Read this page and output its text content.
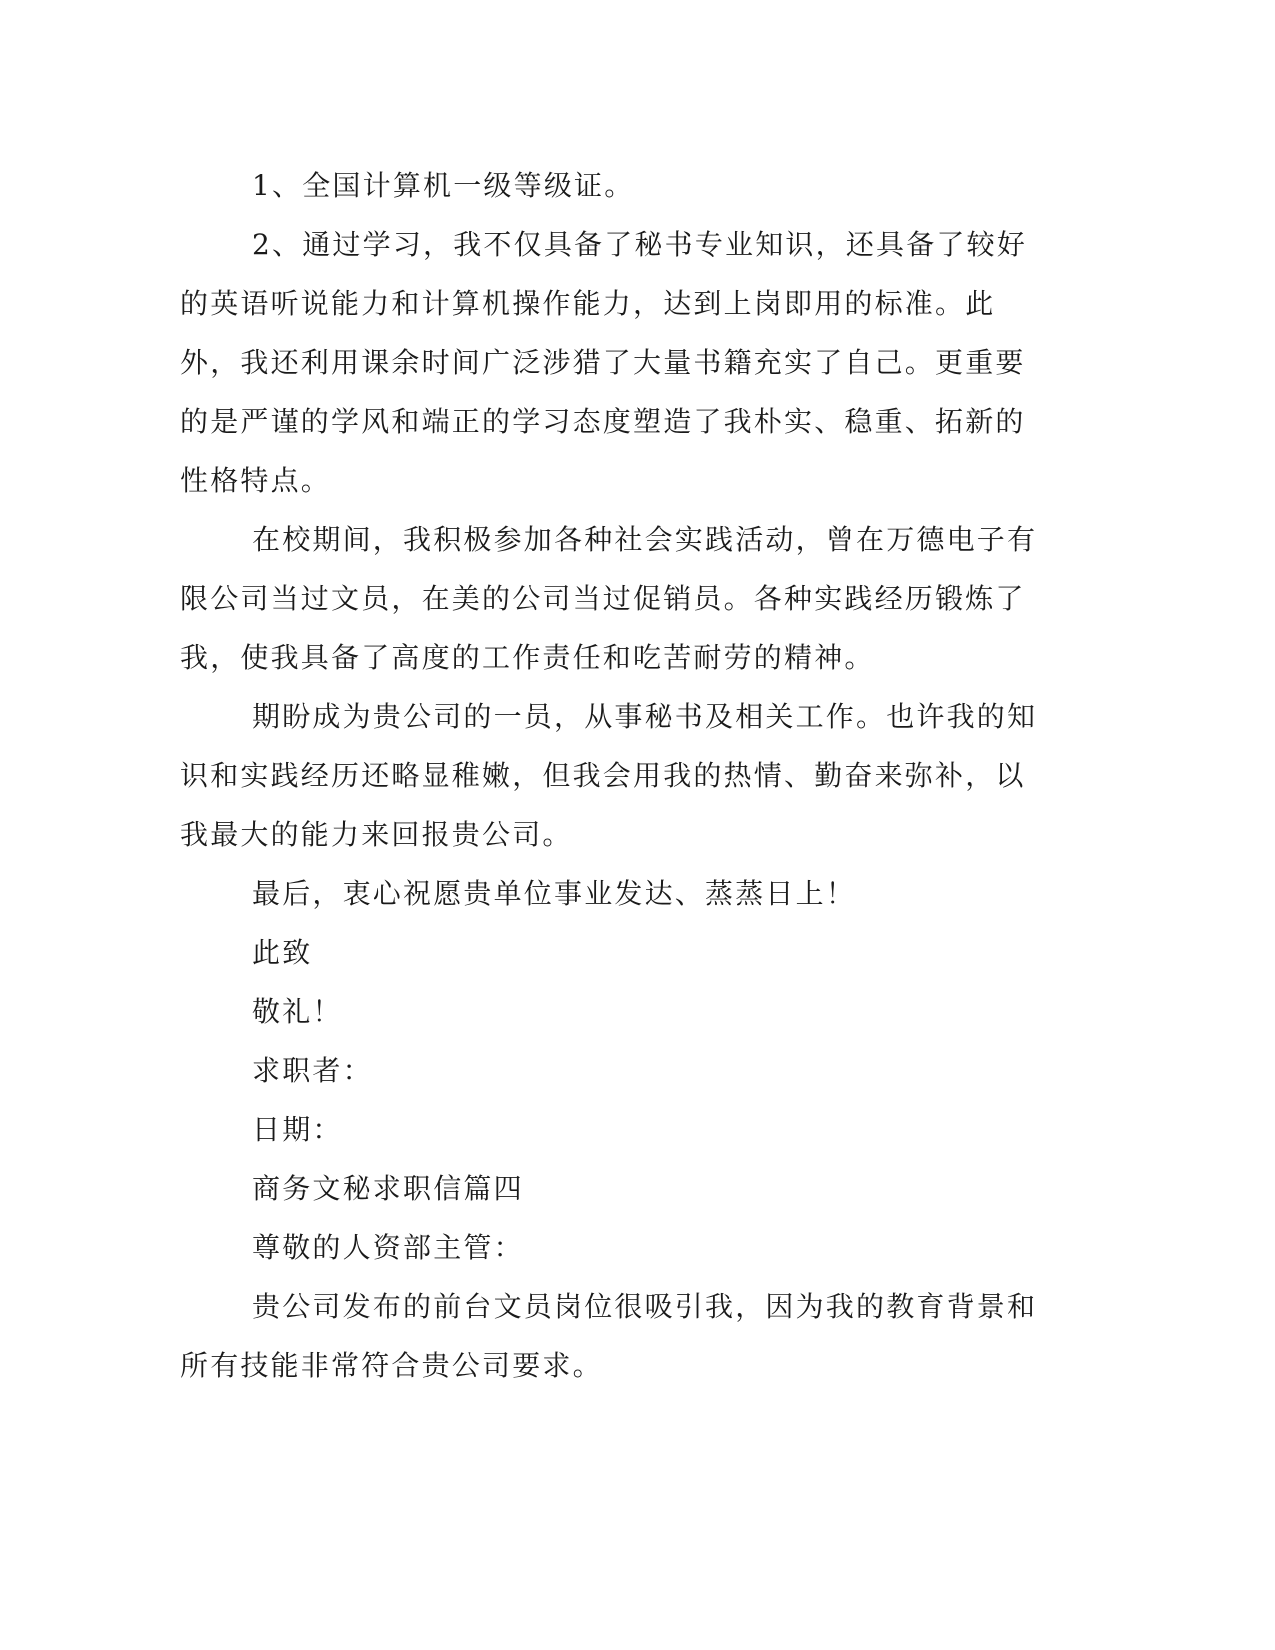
1、全国计算机一级等级证。

2、通过学习，我不仅具备了秘书专业知识，还具备了较好的英语听说能力和计算机操作能力，达到上岗即用的标准。此外，我还利用课余时间广泛涉猎了大量书籍充实了自己。更重要的是严谨的学风和端正的学习态度塑造了我朴实、稳重、拓新的性格特点。

在校期间，我积极参加各种社会实践活动，曾在万德电子有限公司当过文员，在美的公司当过促销员。各种实践经历锻炼了我，使我具备了高度的工作责任和吃苦耐劳的精神。

期盼成为贵公司的一员，从事秘书及相关工作。也许我的知识和实践经历还略显稚嫩，但我会用我的热情、勤奋来弥补，以我最大的能力来回报贵公司。

最后，衷心祝愿贵单位事业发达、蒸蒸日上！

此致

敬礼！

求职者：

日期：

商务文秘求职信篇四

尊敬的人资部主管：

贵公司发布的前台文员岗位很吸引我，因为我的教育背景和所有技能非常符合贵公司要求。
